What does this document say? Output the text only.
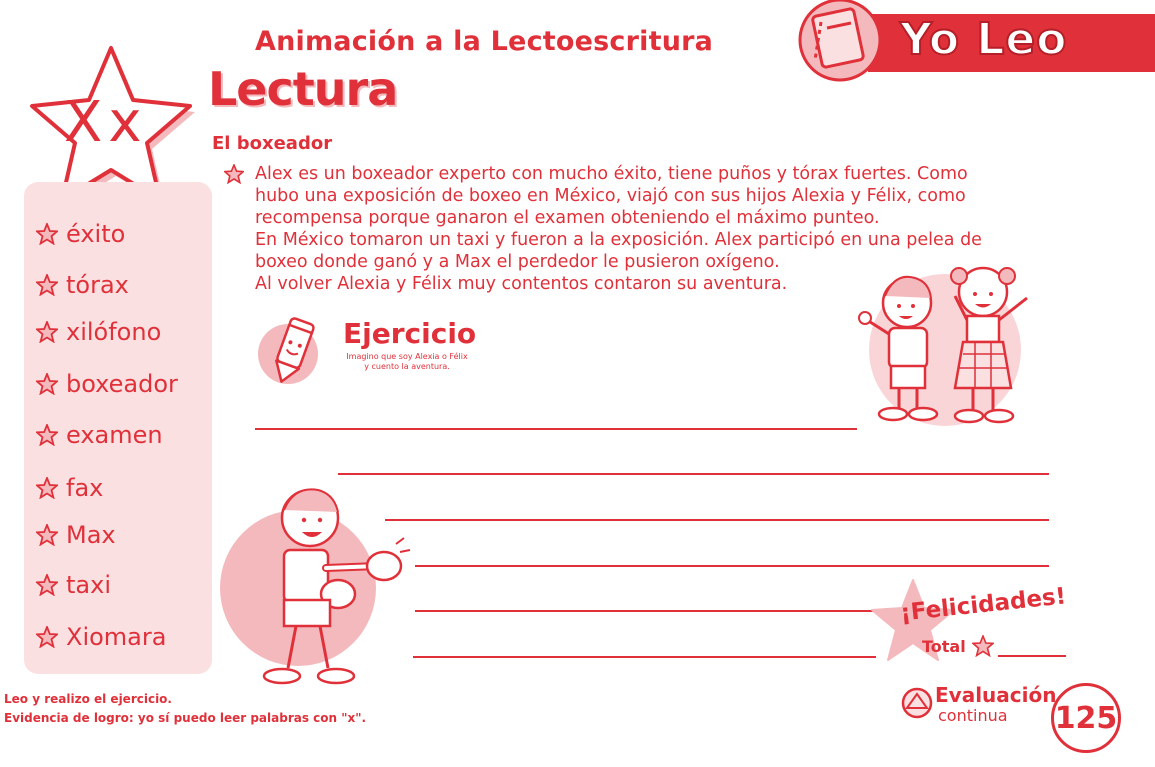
Animación a la Lectoescritura
Lectura
Yo Leo
Xx
éxito
tórax
xilófono
boxeador
examen
fax
Max
taxi
Xiomara
El boxeador

Alex es un boxeador experto con mucho éxito, tiene puños y tórax fuertes. Como

hubo una exposición de boxeo en México, viajó con sus hijos Alexia y Félix, como

recompensa porque ganaron el examen obteniendo el máximo punteo.

En México tomaron un taxi y fueron a la exposición. Alex participó en una pelea de

boxeo donde ganó y a Max el perdedor le pusieron oxígeno.

Al volver Alexia y Félix muy contentos contaron su aventura.

Ejercicio
Imagino que soy Alexia o Félix
y cuento la aventura.
¡Felicidades!
Total
Evaluación
continua 125
Leo y realizo el ejercicio.
Evidencia de logro: yo sí puedo leer palabras con "x".
